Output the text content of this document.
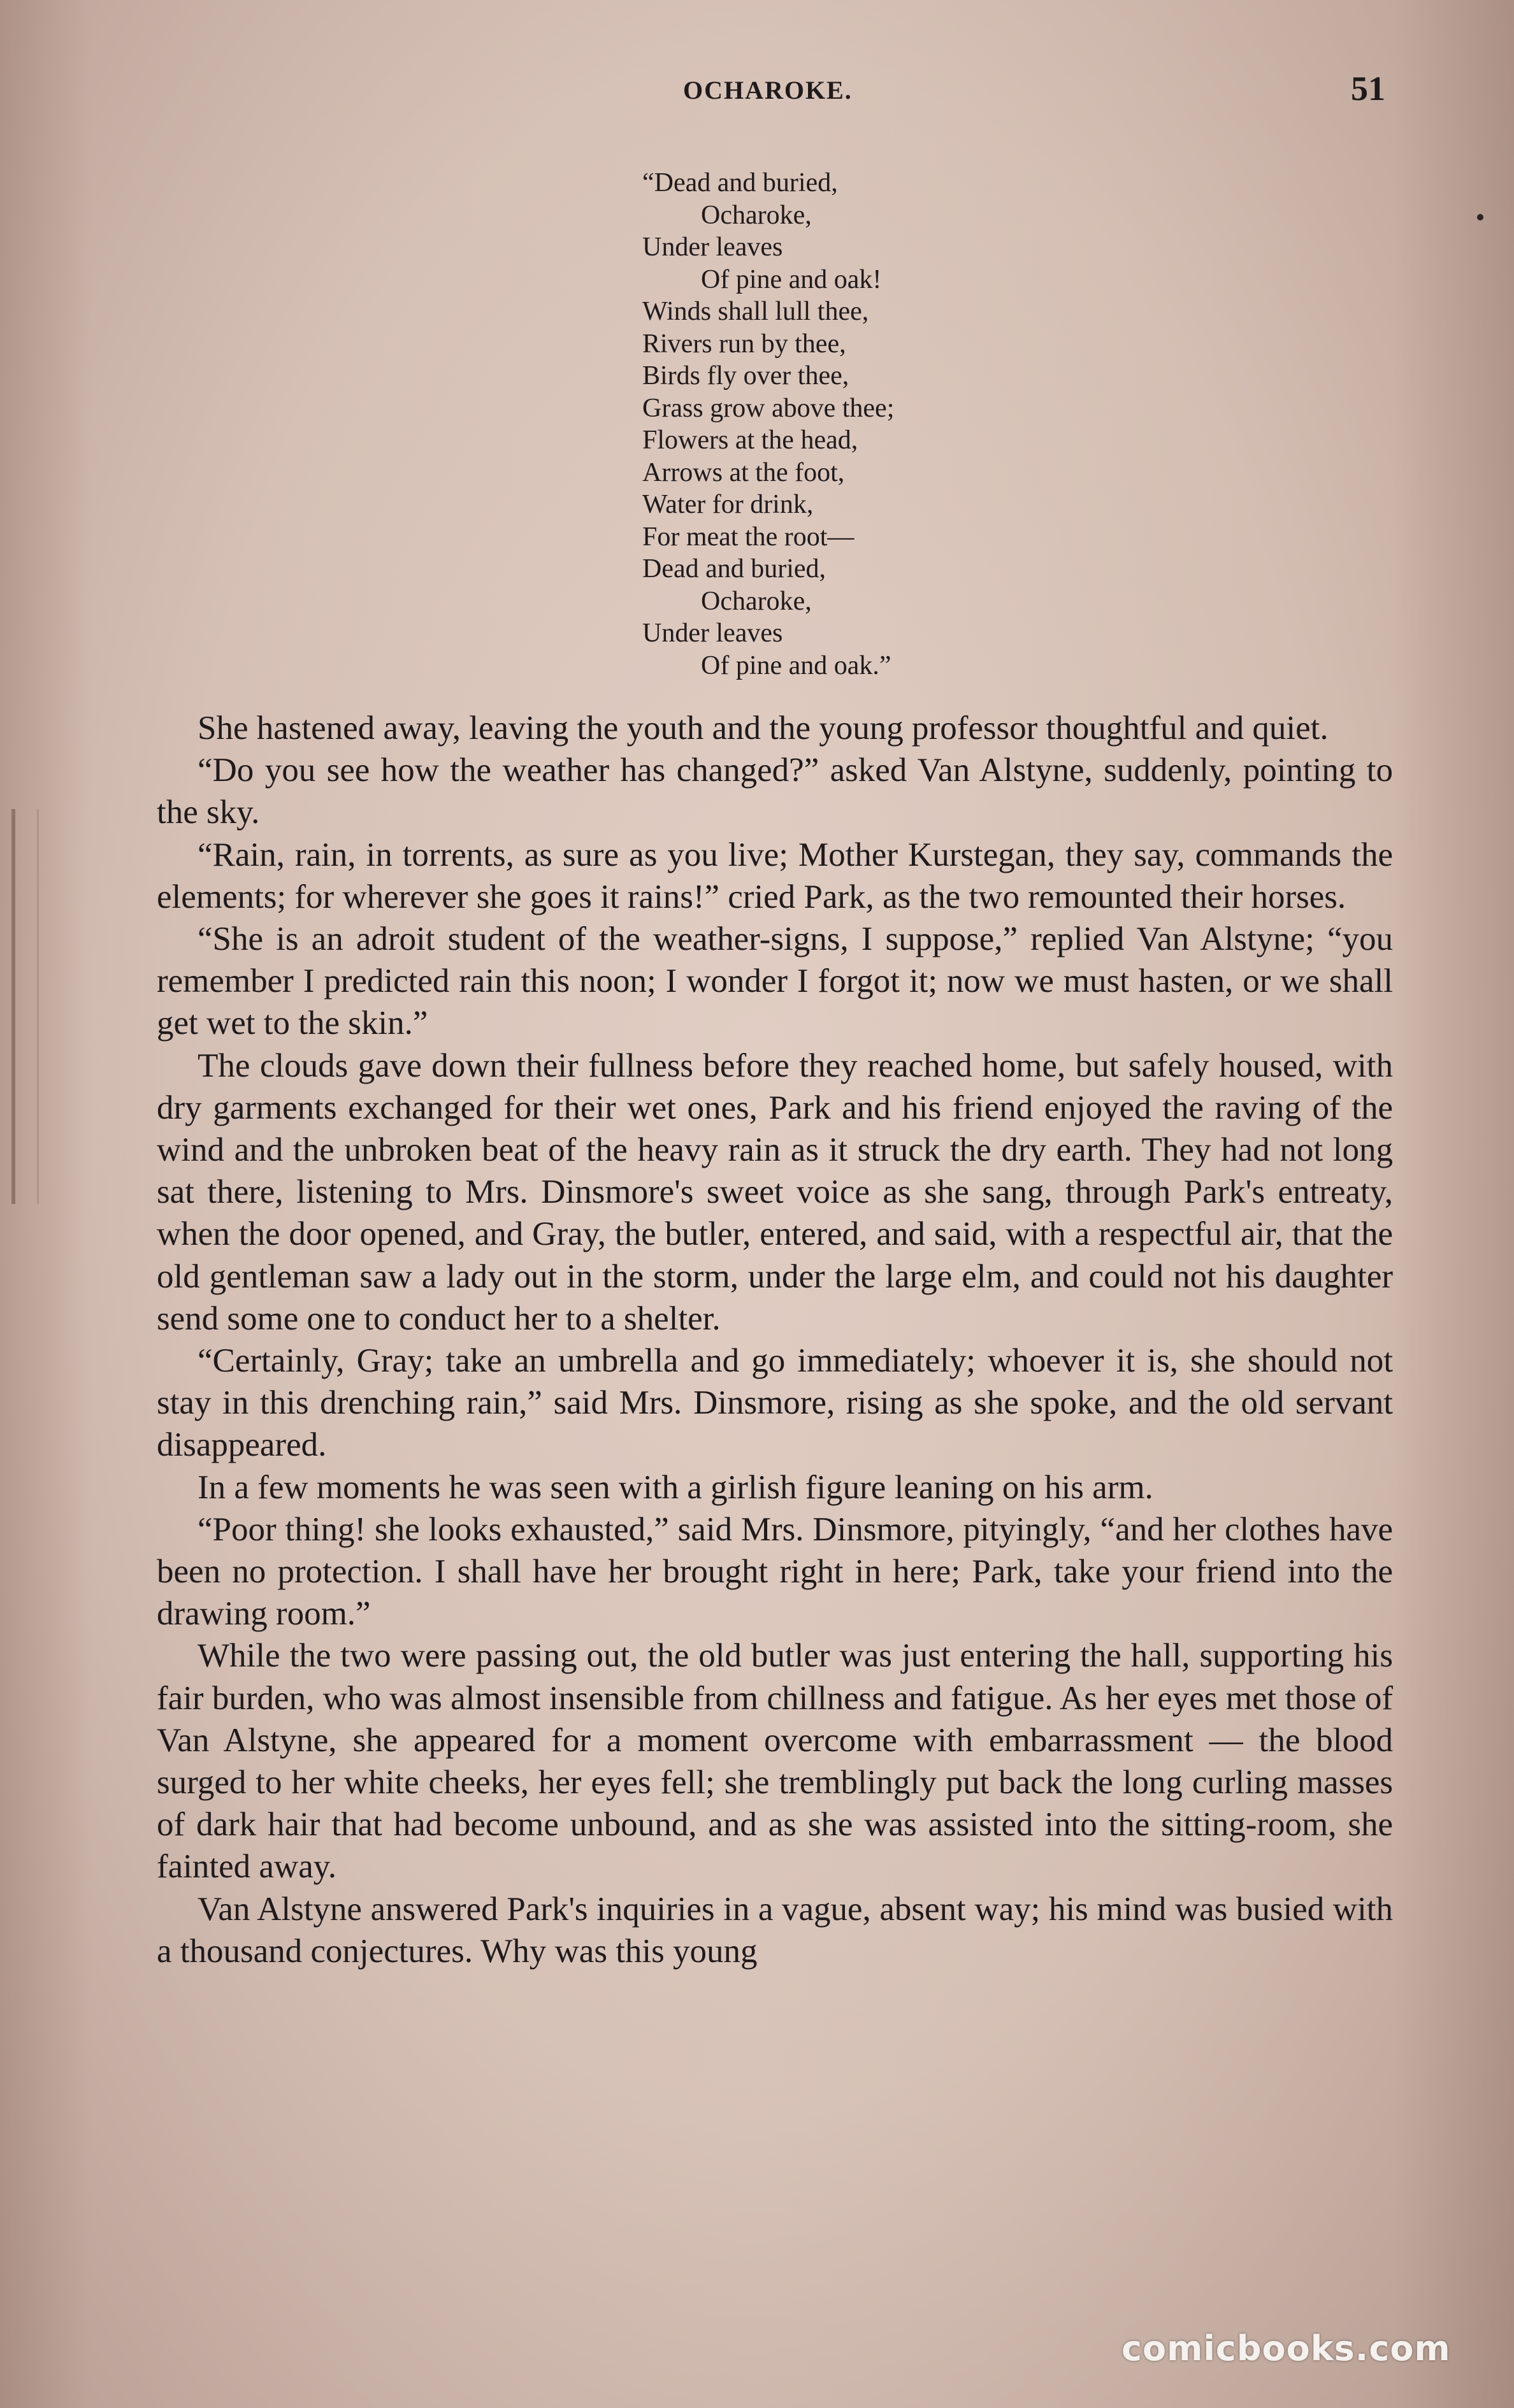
OCHAROKE.	51
“Dead and buried,
Ocharoke,
Under leaves
Of pine and oak!
Winds shall lull thee,
Rivers run by thee,
Birds fly over thee,
Grass grow above thee;
Flowers at the head,
Arrows at the foot,
Water for drink,
For meat the root—
Dead and buried,
Ocharoke,
Under leaves
Of pine and oak.”

She hastened away, leaving the youth and the young professor thoughtful and quiet.

“Do you see how the weather has changed?” asked Van Alstyne, suddenly, pointing to the sky.

“Rain, rain, in torrents, as sure as you live; Mother Kurstegan, they say, commands the elements; for wherever she goes it rains!” cried Park, as the two remounted their horses.

“She is an adroit student of the weather-signs, I suppose,” replied Van Alstyne; “you remember I predicted rain this noon; I wonder I forgot it; now we must hasten, or we shall get wet to the skin.”

The clouds gave down their fullness before they reached home, but safely housed, with dry garments exchanged for their wet ones, Park and his friend enjoyed the raving of the wind and the unbroken beat of the heavy rain as it struck the dry earth. They had not long sat there, listening to Mrs. Dinsmore's sweet voice as she sang, through Park's entreaty, when the door opened, and Gray, the butler, entered, and said, with a respectful air, that the old gentleman saw a lady out in the storm, under the large elm, and could not his daughter send some one to conduct her to a shelter.

“Certainly, Gray; take an umbrella and go immediately; whoever it is, she should not stay in this drenching rain,” said Mrs. Dinsmore, rising as she spoke, and the old servant disappeared.

In a few moments he was seen with a girlish figure leaning on his arm.

“Poor thing! she looks exhausted,” said Mrs. Dinsmore, pityingly, “and her clothes have been no protection. I shall have her brought right in here; Park, take your friend into the drawing room.”

While the two were passing out, the old butler was just entering the hall, supporting his fair burden, who was almost insensible from chillness and fatigue. As her eyes met those of Van Alstyne, she appeared for a moment overcome with embarrassment — the blood surged to her white cheeks, her eyes fell; she tremblingly put back the long curling masses of dark hair that had become unbound, and as she was assisted into the sitting-room, she fainted away.

Van Alstyne answered Park's inquiries in a vague, absent way; his mind was busied with a thousand conjectures. Why was this young

comicbooks.com
